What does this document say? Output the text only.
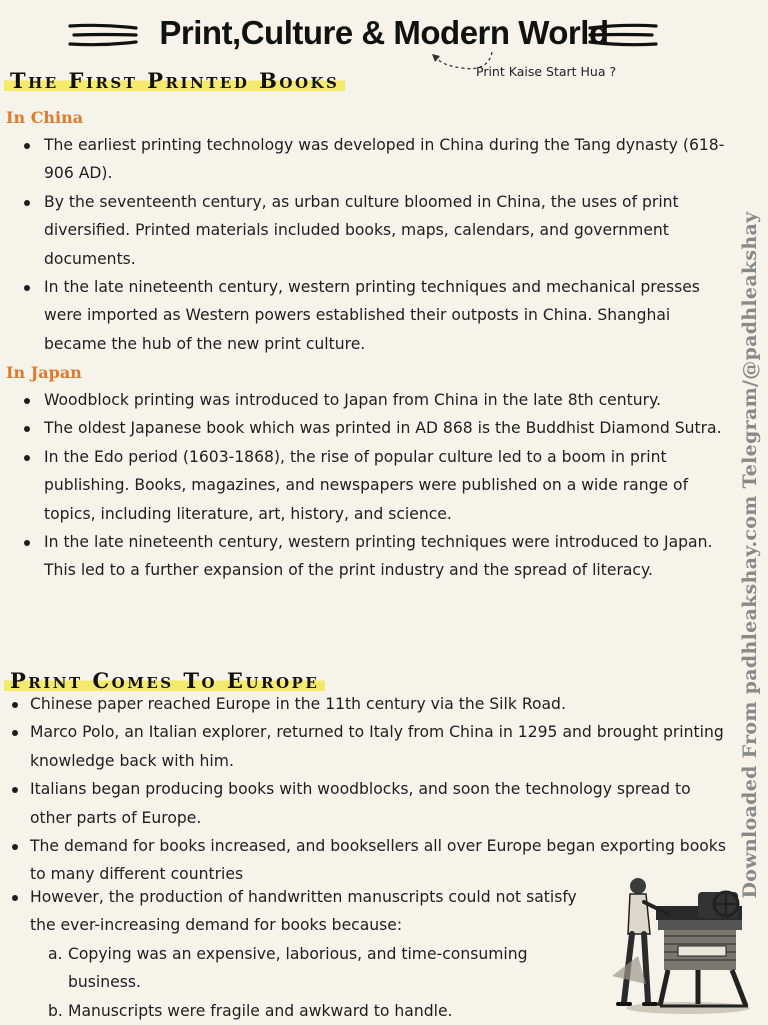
Print,Culture & Modern World
Print Kaise Start Hua ?
The First Printed Books
In China
The earliest printing technology was developed in China during the Tang dynasty (618-906 AD).
By the seventeenth century, as urban culture bloomed in China, the uses of print diversified. Printed materials included books, maps, calendars, and government documents.
In the late nineteenth century, western printing techniques and mechanical presses were imported as Western powers established their outposts in China. Shanghai became the hub of the new print culture.
In Japan
Woodblock printing was introduced to Japan from China in the late 8th century.
The oldest Japanese book which was printed in AD 868 is the Buddhist Diamond Sutra.
In the Edo period (1603-1868), the rise of popular culture led to a boom in print publishing. Books, magazines, and newspapers were published on a wide range of topics, including literature, art, history, and science.
In the late nineteenth century, western printing techniques were introduced to Japan. This led to a further expansion of the print industry and the spread of literacy.
Print Comes To Europe
Chinese paper reached Europe in the 11th century via the Silk Road.
Marco Polo, an Italian explorer, returned to Italy from China in 1295 and brought printing knowledge back with him.
Italians began producing books with woodblocks, and soon the technology spread to other parts of Europe.
The demand for books increased, and booksellers all over Europe began exporting books to many different countries
However, the production of handwritten manuscripts could not satisfy the ever-increasing demand for books because:
a. Copying was an expensive, laborious, and time-consuming business.
b. Manuscripts were fragile and awkward to handle.
Downloaded From padhleakshay.com Telegram/@padhleakshay
